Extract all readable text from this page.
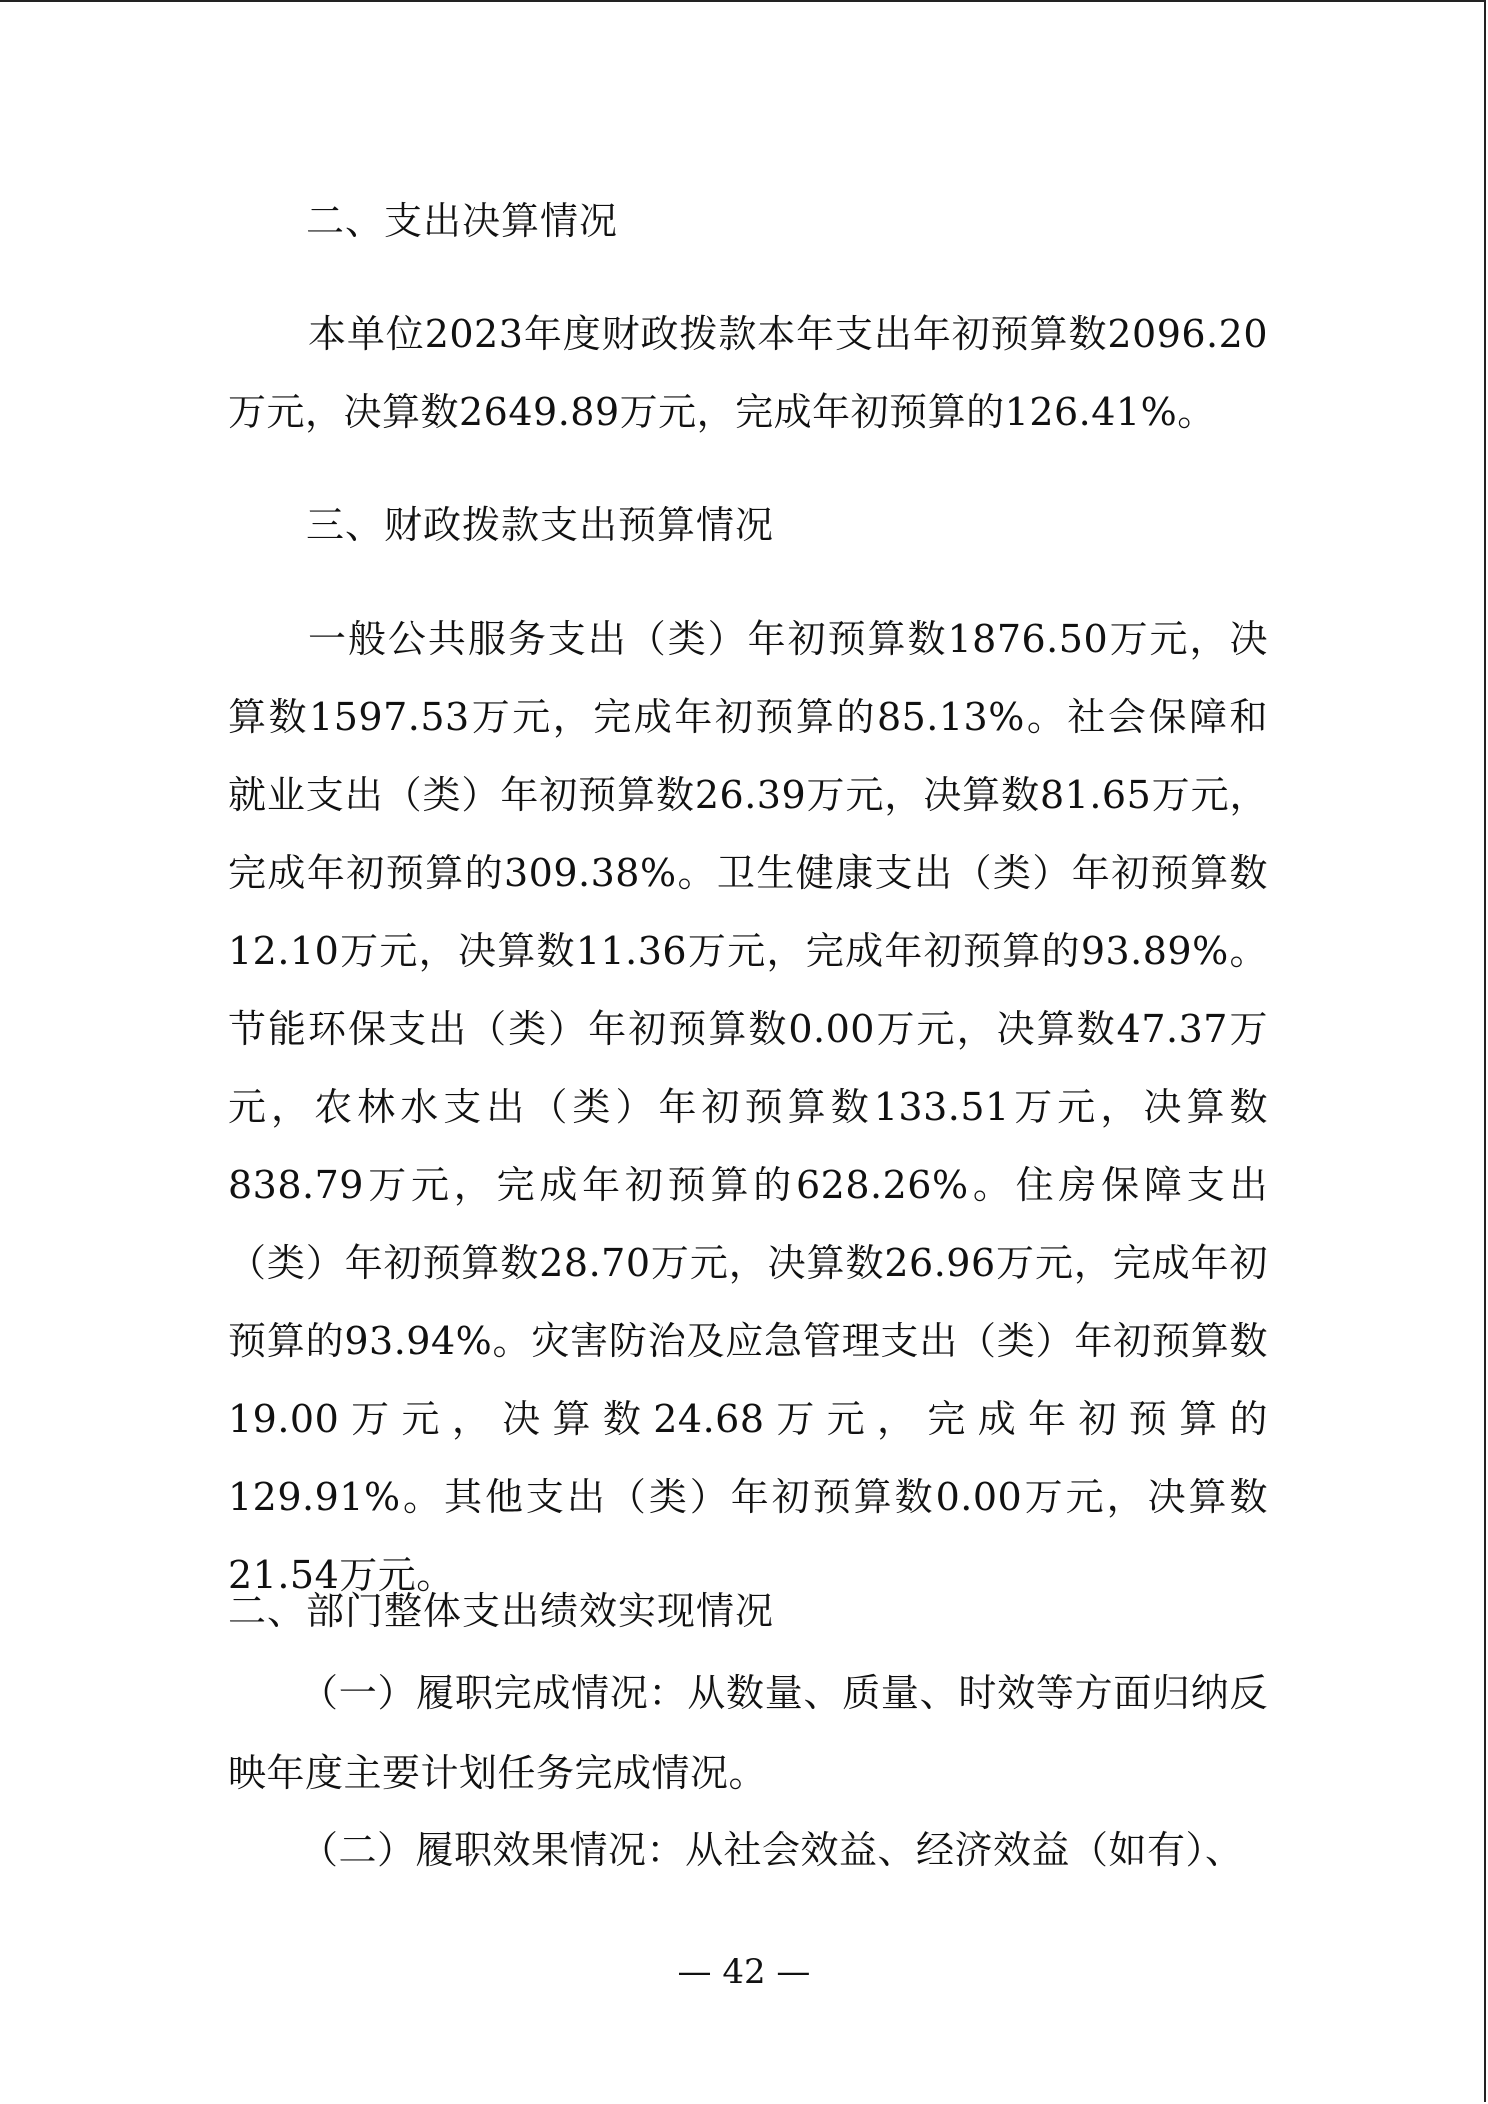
二、支出决算情况
本单位2023年度财政拨款本年支出年初预算数2096.20万元，决算数2649.89万元，完成年初预算的126.41%。
三、财政拨款支出预算情况
一般公共服务支出（类）年初预算数1876.50万元，决算数1597.53万元，完成年初预算的85.13%。社会保障和就业支出（类）年初预算数26.39万元，决算数81.65万元，完成年初预算的309.38%。卫生健康支出（类）年初预算数12.10万元，决算数11.36万元，完成年初预算的93.89%。节能环保支出（类）年初预算数0.00万元，决算数47.37万元，农林水支出（类）年初预算数133.51万元，决算数838.79万元，完成年初预算的628.26%。住房保障支出（类）年初预算数28.70万元，决算数26.96万元，完成年初预算的93.94%。灾害防治及应急管理支出（类）年初预算数19.00万元，决算数24.68万元，完成年初预算的129.91%。其他支出（类）年初预算数0.00万元，决算数21.54万元。
二、部门整体支出绩效实现情况
（一）履职完成情况：从数量、质量、时效等方面归纳反映年度主要计划任务完成情况。
（二）履职效果情况：从社会效益、经济效益（如有）、
— 42 —
